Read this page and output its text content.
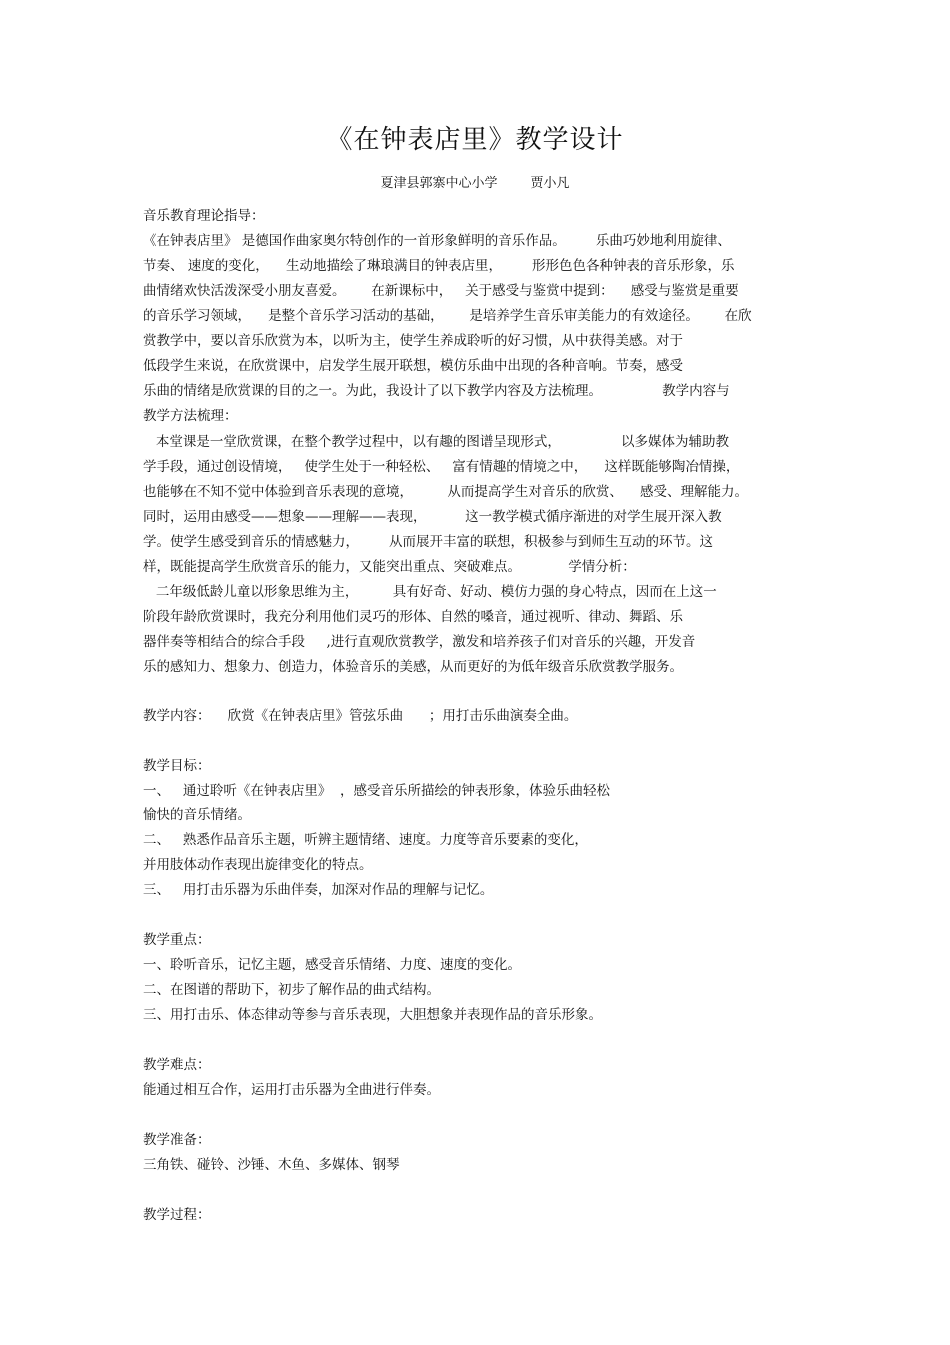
《在钟表店里》教学设计
夏津县郭寨中心小学        贾小凡
音乐教育理论指导：
《在钟表店里》 是德国作曲家奥尔特创作的一首形象鲜明的音乐作品。       乐曲巧妙地利用旋律、
节奏、 速度的变化，    生动地描绘了琳琅满目的钟表店里，       形形色色各种钟表的音乐形象，乐
曲情绪欢快活泼深受小朋友喜爱。      在新课标中，   关于感受与鉴赏中提到：    感受与鉴赏是重要
的音乐学习领域，    是整个音乐学习活动的基础，      是培养学生音乐审美能力的有效途径。      在欣
赏教学中，要以音乐欣赏为本，以听为主，使学生养成聆听的好习惯，从中获得美感。对于
低段学生来说，在欣赏课中，启发学生展开联想，模仿乐曲中出现的各种音响。节奏，感受
乐曲的情绪是欣赏课的目的之一。为此，我设计了以下教学内容及方法梳理。              教学内容与
教学方法梳理：
本堂课是一堂欣赏课，在整个教学过程中，以有趣的图谱呈现形式，              以多媒体为辅助教
学手段，通过创设情境，   使学生处于一种轻松、   富有情趣的情境之中，    这样既能够陶冶情操，
也能够在不知不觉中体验到音乐表现的意境，        从而提高学生对音乐的欣赏、    感受、理解能力。
同时，运用由感受——想象——理解——表现，         这一教学模式循序渐进的对学生展开深入教
学。使学生感受到音乐的情感魅力，       从而展开丰富的联想，积极参与到师生互动的环节。这
样，既能提高学生欣赏音乐的能力，又能突出重点、突破难点。           学情分析：
二年级低龄儿童以形象思维为主，        具有好奇、好动、模仿力强的身心特点，因而在上这一
阶段年龄欣赏课时，我充分利用他们灵巧的形体、自然的嗓音，通过视听、律动、舞蹈、乐
器伴奏等相结合的综合手段     ,进行直观欣赏教学，激发和培养孩子们对音乐的兴趣，开发音
乐的感知力、想象力、创造力，体验音乐的美感，从而更好的为低年级音乐欣赏教学服务。
教学内容：    欣赏《在钟表店里》管弦乐曲      ；用打击乐曲演奏全曲。
教学目标：
一、   通过聆听《在钟表店里》  ，感受音乐所描绘的钟表形象，体验乐曲轻松
愉快的音乐情绪。
二、   熟悉作品音乐主题，听辨主题情绪、速度。力度等音乐要素的变化，
并用肢体动作表现出旋律变化的特点。
三、   用打击乐器为乐曲伴奏，加深对作品的理解与记忆。
教学重点：
一、聆听音乐，记忆主题，感受音乐情绪、力度、速度的变化。
二、在图谱的帮助下，初步了解作品的曲式结构。
三、用打击乐、体态律动等参与音乐表现，大胆想象并表现作品的音乐形象。
教学难点：
能通过相互合作，运用打击乐器为全曲进行伴奏。
教学准备：
三角铁、碰铃、沙锤、木鱼、多媒体、钢琴
教学过程：
